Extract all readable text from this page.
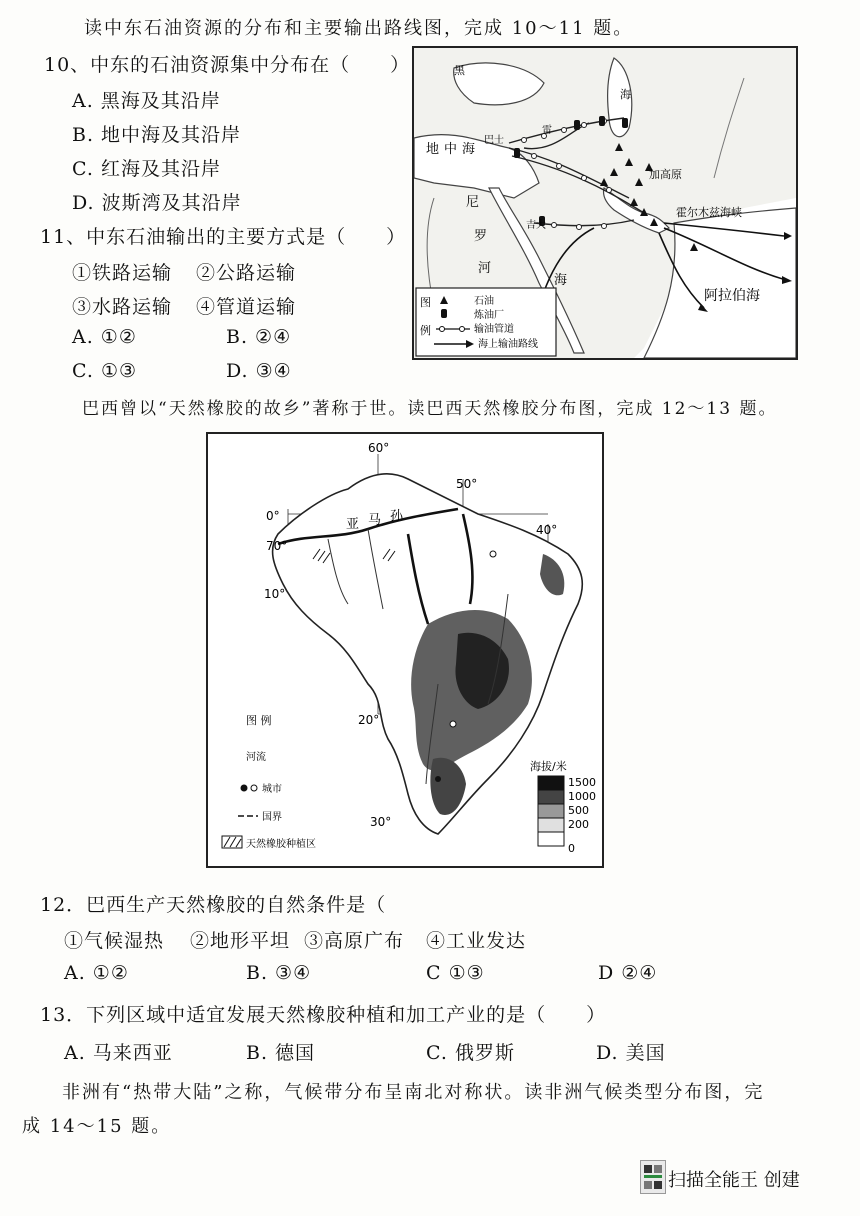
读中东石油资源的分布和主要输出路线图，完成 10～11 题。
10、中东的石油资源集中分布在（　　）
A. 黑海及其沿岸
B. 地中海及其沿岸
C. 红海及其沿岸
D. 波斯湾及其沿岸
11、中东石油输出的主要方式是（　　）
①铁路运输 ②公路运输
③水路运输 ④管道运输
A. ①②	B. ②④
C. ①③	D. ③④
黑
海
地 中 海
尼
罗
河
海
加高原
巴士
吉大
雷
霍尔木兹海峡
阿拉伯海
图
例
石油
炼油厂
输油管道
海上输油路线
巴西曾以“天然橡胶的故乡”著称于世。读巴西天然橡胶分布图，完成 12～13 题。
60°
50°
40°
0°
70°
10°
20°
30°
亚 马 孙
图 例
河流
城市
国界
天然橡胶种植区
海拔/米
1500
1000
500
200
0
12．巴西生产天然橡胶的自然条件是（
①气候湿热 ②地形平坦 ③高原广布 ④工业发达
A. ①②	B. ③④	C ①③	D ②④
13．下列区域中适宜发展天然橡胶种植和加工产业的是（　　）
A. 马来西亚	B. 德国	C. 俄罗斯	D. 美国
非洲有“热带大陆”之称，气候带分布呈南北对称状。读非洲气候类型分布图，完
成 14～15 题。
扫描全能王 创建
